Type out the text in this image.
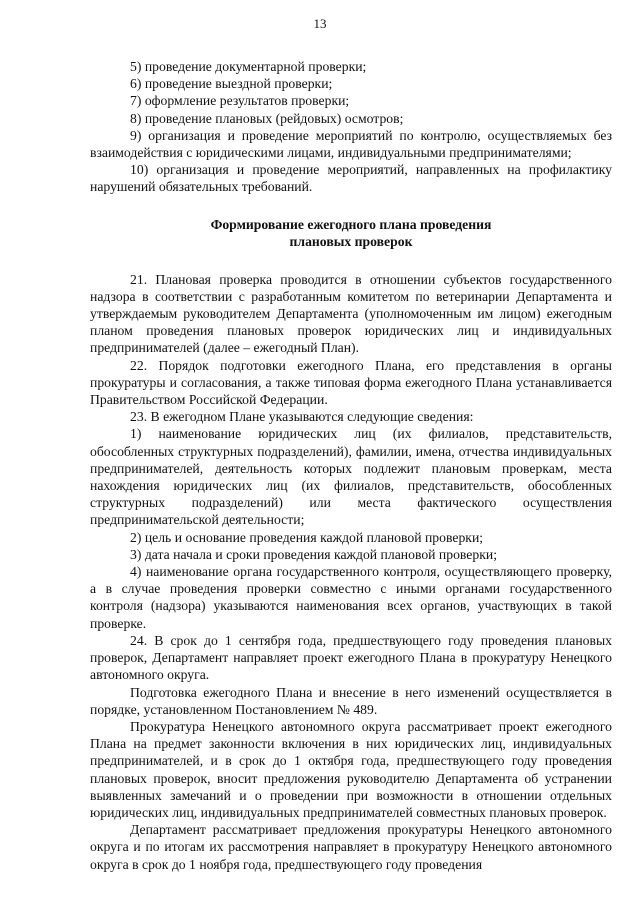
13

5) проведение документарной проверки;

6) проведение выездной проверки;

7) оформление результатов проверки;

8) проведение плановых (рейдовых) осмотров;

9) организация и проведение мероприятий по контролю, осуществляемых без взаимодействия с юридическими лицами, индивидуальными предпринимателями;

10) организация и проведение мероприятий, направленных на профилактику нарушений обязательных требований.

Формирование ежегодного плана проведения
плановых проверок

21. Плановая проверка проводится в отношении субъектов государственного надзора в соответствии с разработанным комитетом по ветеринарии Департамента и утверждаемым руководителем Департамента (уполномоченным им лицом) ежегодным планом проведения плановых проверок юридических лиц и индивидуальных предпринимателей (далее – ежегодный План).

22. Порядок подготовки ежегодного Плана, его представления в органы прокуратуры и согласования, а также типовая форма ежегодного Плана устанавливается Правительством Российской Федерации.

23. В ежегодном Плане указываются следующие сведения:

1) наименование юридических лиц (их филиалов, представительств, обособленных структурных подразделений), фамилии, имена, отчества индивидуальных предпринимателей, деятельность которых подлежит плановым проверкам, места нахождения юридических лиц (их филиалов, представительств, обособленных структурных подразделений) или места фактического осуществления предпринимательской деятельности;

2) цель и основание проведения каждой плановой проверки;

3) дата начала и сроки проведения каждой плановой проверки;

4) наименование органа государственного контроля, осуществляющего проверку, а в случае проведения проверки совместно с иными органами государственного контроля (надзора) указываются наименования всех органов, участвующих в такой проверке.

24. В срок до 1 сентября года, предшествующего году проведения плановых проверок, Департамент направляет проект ежегодного Плана в прокуратуру Ненецкого автономного округа.

Подготовка ежегодного Плана и внесение в него изменений осуществляется в порядке, установленном Постановлением № 489.

Прокуратура Ненецкого автономного округа рассматривает проект ежегодного Плана на предмет законности включения в них юридических лиц, индивидуальных предпринимателей, и в срок до 1 октября года, предшествующего году проведения плановых проверок, вносит предложения руководителю Департамента об устранении выявленных замечаний и о проведении при возможности в отношении отдельных юридических лиц, индивидуальных предпринимателей совместных плановых проверок.

Департамент рассматривает предложения прокуратуры Ненецкого автономного округа и по итогам их рассмотрения направляет в прокуратуру Ненецкого автономного округа в срок до 1 ноября года, предшествующего году проведения
